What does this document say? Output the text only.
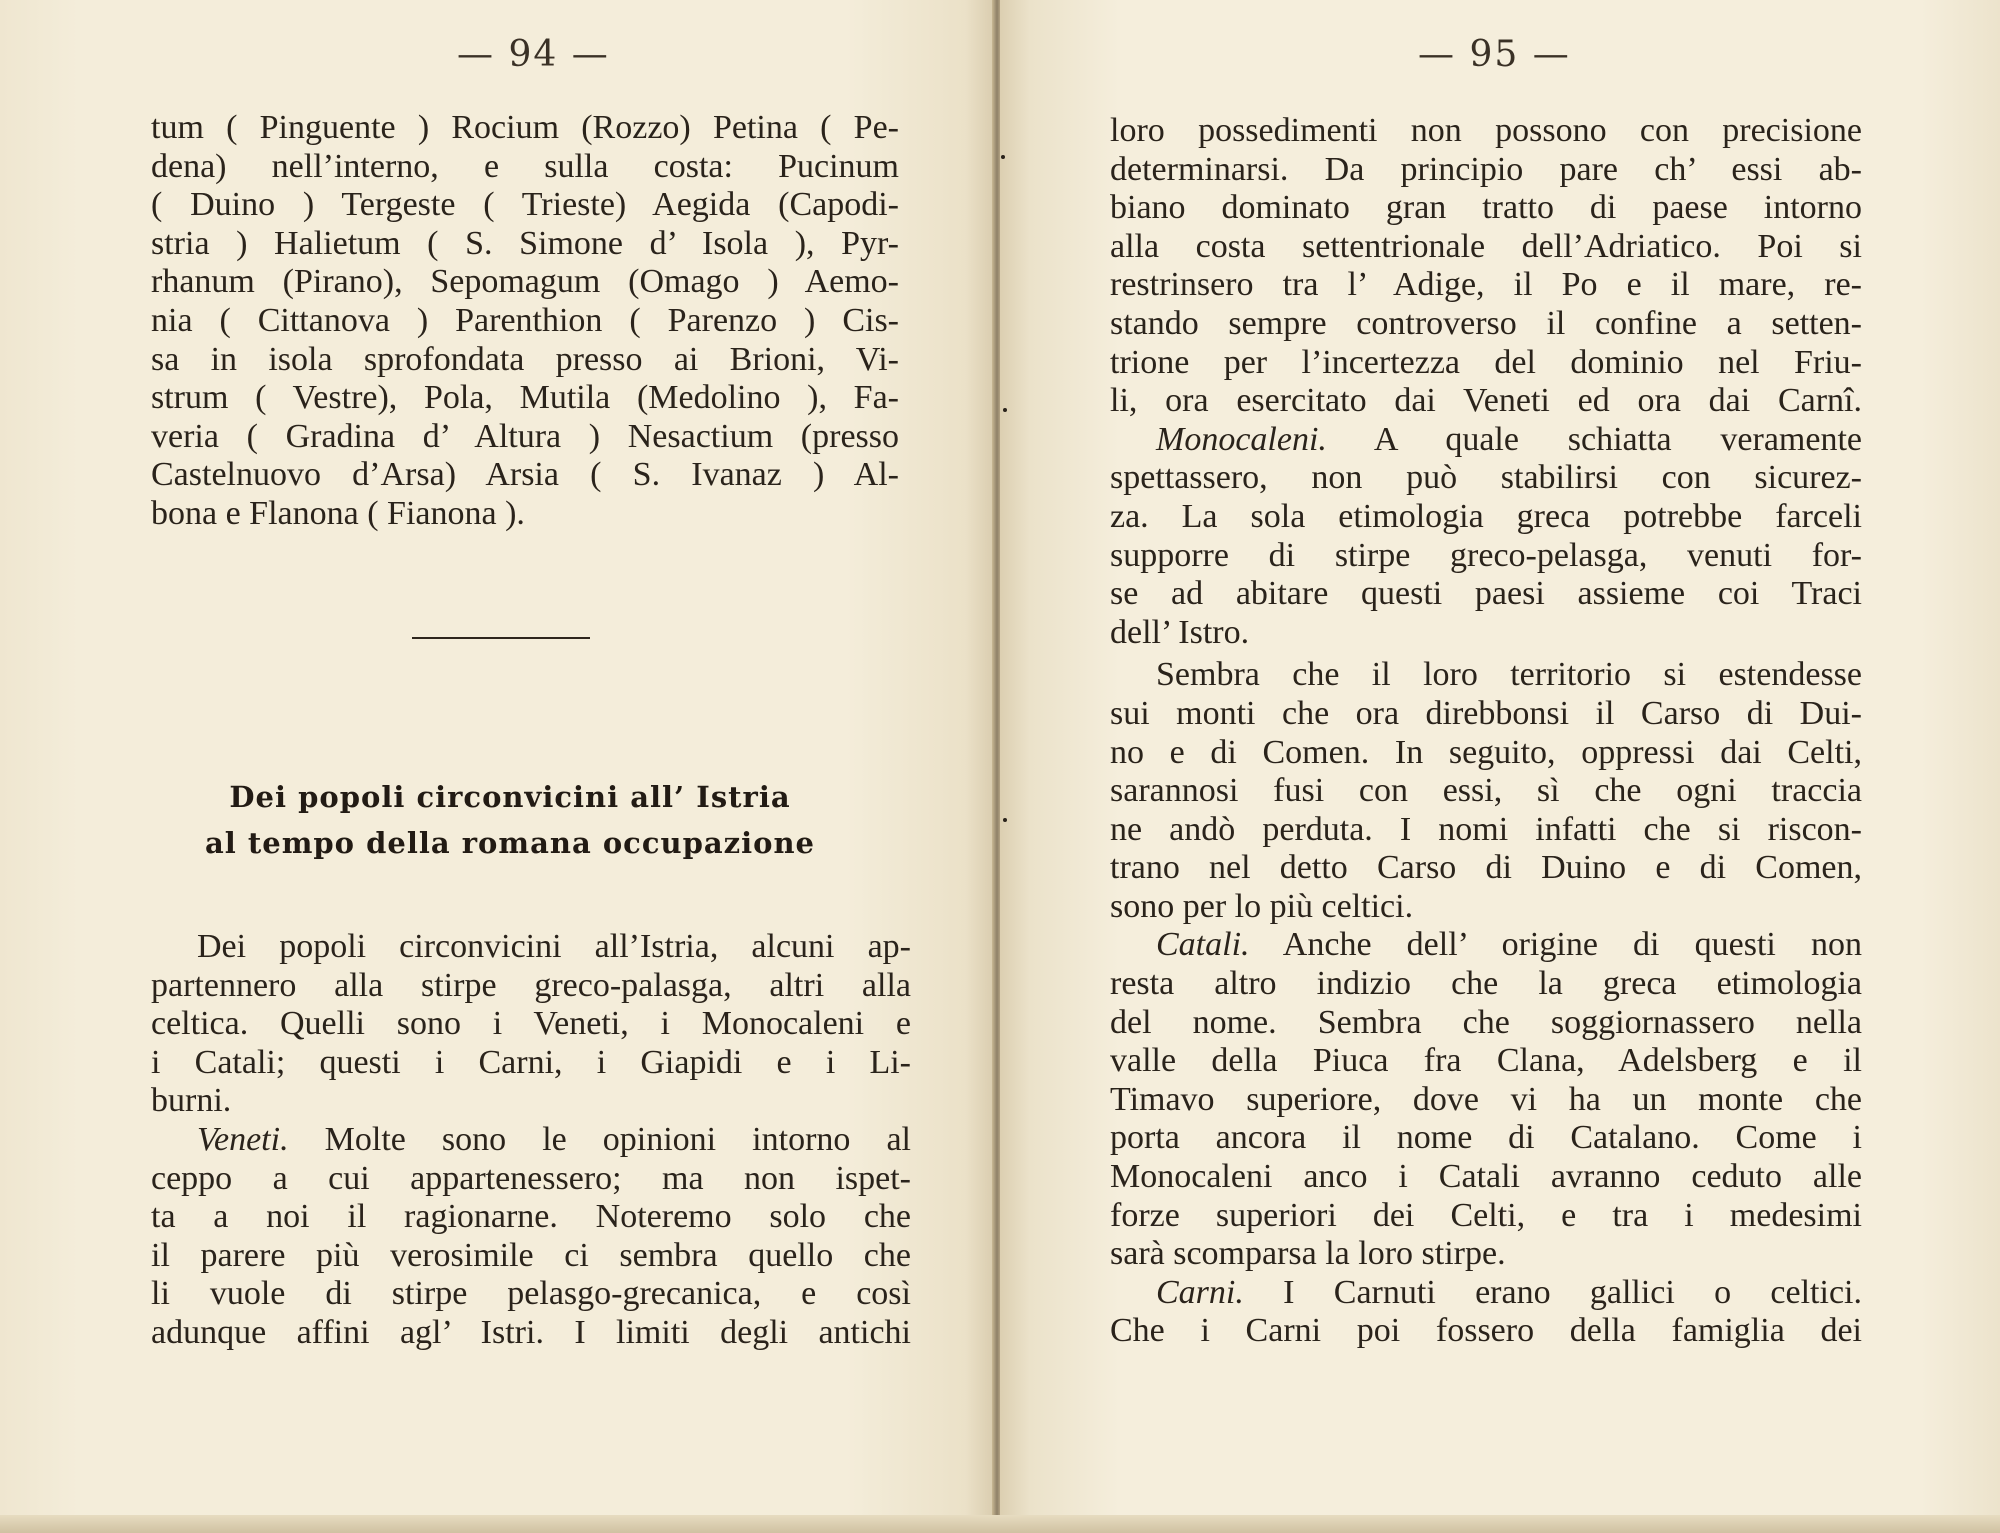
— 94 —
tum ( Pinguente ) Rocium (Rozzo) Petina ( Pe-
dena) nell’interno, e sulla costa: Pucinum
( Duino ) Tergeste ( Trieste) Aegida (Capodi-
stria ) Halietum ( S. Simone d’ Isola ), Pyr-
rhanum (Pirano), Sepomagum (Omago ) Aemo-
nia ( Cittanova ) Parenthion ( Parenzo ) Cis-
sa in isola sprofondata presso ai Brioni, Vi-
strum ( Vestre), Pola, Mutila (Medolino ), Fa-
veria ( Gradina d’ Altura ) Nesactium (presso
Castelnuovo d’Arsa) Arsia ( S. Ivanaz ) Al-
bona e Flanona ( Fianona ).
Dei popoli circonvicini all’ Istria
al tempo della romana occupazione
Dei popoli circonvicini all’Istria, alcuni ap-
partennero alla stirpe greco-palasga, altri alla
celtica. Quelli sono i Veneti, i Monocaleni e
i Catali; questi i Carni, i Giapidi e i Li-
burni.
Veneti. Molte sono le opinioni intorno al
ceppo a cui appartenessero; ma non ispet-
ta a noi il ragionarne. Noteremo solo che
il parere più verosimile ci sembra quello che
li vuole di stirpe pelasgo-grecanica, e così
adunque affini agl’ Istri. I limiti degli antichi
— 95 —
loro possedimenti non possono con precisione
determinarsi. Da principio pare ch’ essi ab-
biano dominato gran tratto di paese intorno
alla costa settentrionale dell’Adriatico. Poi si
restrinsero tra l’ Adige, il Po e il mare, re-
stando sempre controverso il confine a setten-
trione per l’incertezza del dominio nel Friu-
li, ora esercitato dai Veneti ed ora dai Carnî.
Monocaleni. A quale schiatta veramente
spettassero, non può stabilirsi con sicurez-
za. La sola etimologia greca potrebbe farceli
supporre di stirpe greco-pelasga, venuti for-
se ad abitare questi paesi assieme coi Traci
dell’ Istro.
Sembra che il loro territorio si estendesse
sui monti che ora direbbonsi il Carso di Dui-
no e di Comen. In seguito, oppressi dai Celti,
sarannosi fusi con essi, sì che ogni traccia
ne andò perduta. I nomi infatti che si riscon-
trano nel detto Carso di Duino e di Comen,
sono per lo più celtici.
Catali. Anche dell’ origine di questi non
resta altro indizio che la greca etimologia
del nome. Sembra che soggiornassero nella
valle della Piuca fra Clana, Adelsberg e il
Timavo superiore, dove vi ha un monte che
porta ancora il nome di Catalano. Come i
Monocaleni anco i Catali avranno ceduto alle
forze superiori dei Celti, e tra i medesimi
sarà scomparsa la loro stirpe.
Carni. I Carnuti erano gallici o celtici.
Che i Carni poi fossero della famiglia dei
